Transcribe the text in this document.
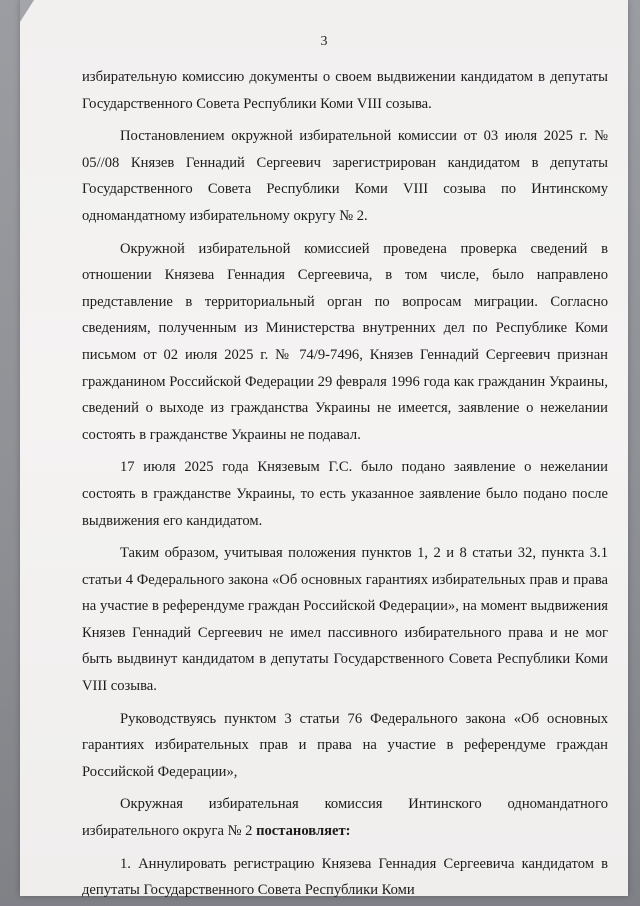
3

избирательную комиссию документы о своем выдвижении кандидатом в депутаты Государственного Совета Республики Коми VIII созыва.

Постановлением окружной избирательной комиссии от 03 июля 2025 г. № 05//08 Князев Геннадий Сергеевич зарегистрирован кандидатом в депутаты Государственного Совета Республики Коми VIII созыва по Интинскому одномандатному избирательному округу № 2.

Окружной избирательной комиссией проведена проверка сведений в отношении Князева Геннадия Сергеевича, в том числе, было направлено представление в территориальный орган по вопросам миграции. Согласно сведениям, полученным из Министерства внутренних дел по Республике Коми письмом от 02 июля 2025 г. № 74/9-7496, Князев Геннадий Сергеевич признан гражданином Российской Федерации 29 февраля 1996 года как гражданин Украины, сведений о выходе из гражданства Украины не имеется, заявление о нежелании состоять в гражданстве Украины не подавал.

17 июля 2025 года Князевым Г.С. было подано заявление о нежелании состоять в гражданстве Украины, то есть указанное заявление было подано после выдвижения его кандидатом.

Таким образом, учитывая положения пунктов 1, 2 и 8 статьи 32, пункта 3.1 статьи 4 Федерального закона «Об основных гарантиях избирательных прав и права на участие в референдуме граждан Российской Федерации», на момент выдвижения Князев Геннадий Сергеевич не имел пассивного избирательного права и не мог быть выдвинут кандидатом в депутаты Государственного Совета Республики Коми VIII созыва.

Руководствуясь пунктом 3 статьи 76 Федерального закона «Об основных гарантиях избирательных прав и права на участие в референдуме граждан Российской Федерации»,

Окружная избирательная комиссия Интинского одномандатного избирательного округа № 2 постановляет:

1. Аннулировать регистрацию Князева Геннадия Сергеевича кандидатом в депутаты Государственного Совета Республики Коми
